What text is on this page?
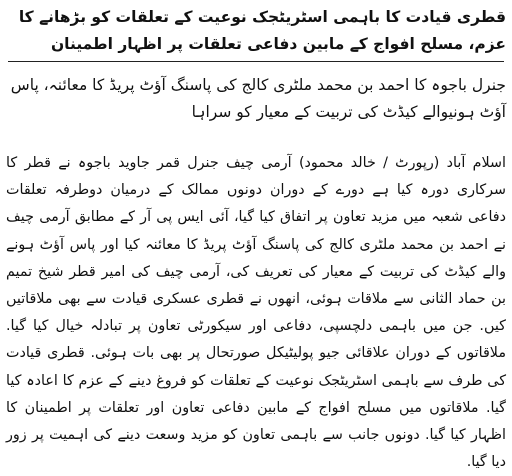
قطری قیادت کا باہمی اسٹریٹجک نوعیت کے تعلقات کو بڑھانے کا عزم، مسلح افواج کے مابین دفاعی تعلقات پر اظہار اطمینان

جنرل باجوہ کا احمد بن محمد ملٹری کالج کی پاسنگ آؤٹ پریڈ کا معائنہ، پاس آؤٹ ہونیوالے کیڈٹ کی تربیت کے معیار کو سراہا

اسلام آباد (رپورٹ / خالد محمود) آرمی چیف جنرل قمر جاوید باجوہ نے قطر کا سرکاری دورہ کیا ہے دورے کے دوران دونوں ممالک کے درمیان دوطرفہ تعلقات دفاعی شعبہ میں مزید تعاون پر اتفاق کیا گیا، آئی ایس پی آر کے مطابق آرمی چیف نے احمد بن محمد ملٹری کالج کی پاسنگ آؤٹ پریڈ کا معائنہ کیا اور پاس آؤٹ ہونے والے کیڈٹ کی تربیت کے معیار کی تعریف کی، آرمی چیف کی امیر قطر شیخ تمیم بن حماد الثانی سے ملاقات ہوئی، انھوں نے قطری عسکری قیادت سے بھی ملاقاتیں کیں. جن میں باہمی دلچسپی، دفاعی اور سیکورٹی تعاون پر تبادلہ خیال کیا گیا. ملاقاتوں کے دوران علاقائی جیو پولیٹیکل صورتحال پر بھی بات ہوئی. قطری قیادت کی طرف سے باہمی اسٹریٹجک نوعیت کے تعلقات کو فروغ دینے کے عزم کا اعادہ کیا گیا. ملاقاتوں میں مسلح افواج کے مابین دفاعی تعاون اور تعلقات پر اطمینان کا اظہار کیا گیا. دونوں جانب سے باہمی تعاون کو مزید وسعت دینے کی اہمیت پر زور دیا گیا.
